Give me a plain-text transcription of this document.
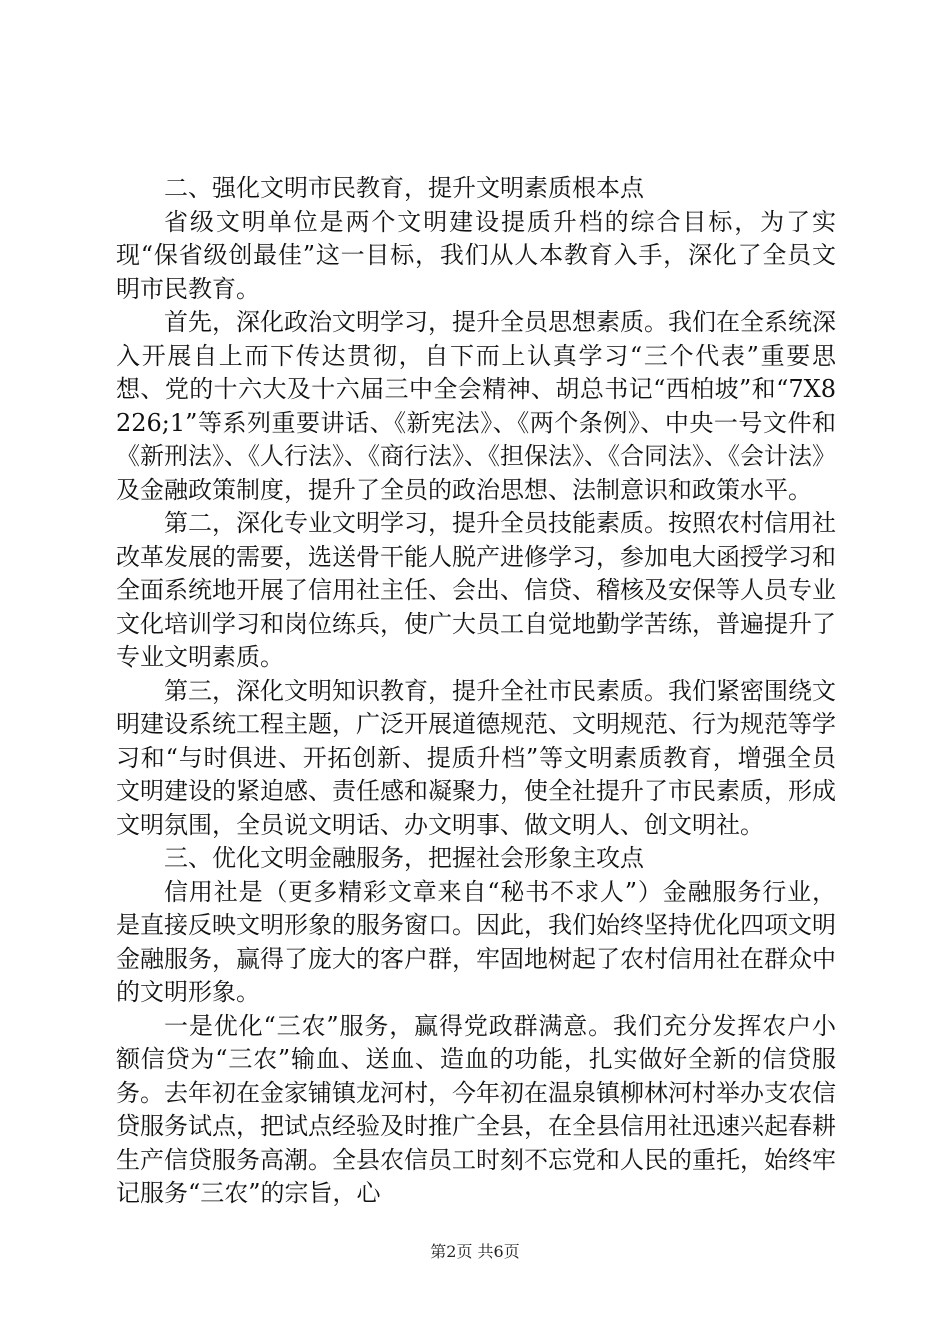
二、强化文明市民教育，提升文明素质根本点

省级文明单位是两个文明建设提质升档的综合目标，为了实现“保省级创最佳”这一目标，我们从人本教育入手，深化了全员文明市民教育。

首先，深化政治文明学习，提升全员思想素质。我们在全系统深入开展自上而下传达贯彻，自下而上认真学习“三个代表”重要思想、党的十六大及十六届三中全会精神、胡总书记“西柏坡”和“7X8226;1”等系列重要讲话、《新宪法》、《两个条例》、中央一号文件和《新刑法》、《人行法》、《商行法》、《担保法》、《合同法》、《会计法》及金融政策制度，提升了全员的政治思想、法制意识和政策水平。

第二，深化专业文明学习，提升全员技能素质。按照农村信用社改革发展的需要，选送骨干能人脱产进修学习，参加电大函授学习和全面系统地开展了信用社主任、会出、信贷、稽核及安保等人员专业文化培训学习和岗位练兵，使广大员工自觉地勤学苦练，普遍提升了专业文明素质。

第三，深化文明知识教育，提升全社市民素质。我们紧密围绕文明建设系统工程主题，广泛开展道德规范、文明规范、行为规范等学习和“与时俱进、开拓创新、提质升档”等文明素质教育，增强全员文明建设的紧迫感、责任感和凝聚力，使全社提升了市民素质，形成文明氛围，全员说文明话、办文明事、做文明人、创文明社。

三、优化文明金融服务，把握社会形象主攻点

信用社是（更多精彩文章来自“秘书不求人”）金融服务行业，是直接反映文明形象的服务窗口。因此，我们始终坚持优化四项文明金融服务，赢得了庞大的客户群，牢固地树起了农村信用社在群众中的文明形象。

一是优化“三农”服务，赢得党政群满意。我们充分发挥农户小额信贷为“三农”输血、送血、造血的功能，扎实做好全新的信贷服务。去年初在金家铺镇龙河村，今年初在温泉镇柳林河村举办支农信贷服务试点，把试点经验及时推广全县，在全县信用社迅速兴起春耕生产信贷服务高潮。全县农信员工时刻不忘党和人民的重托，始终牢记服务“三农”的宗旨，心

第2页 共6页
